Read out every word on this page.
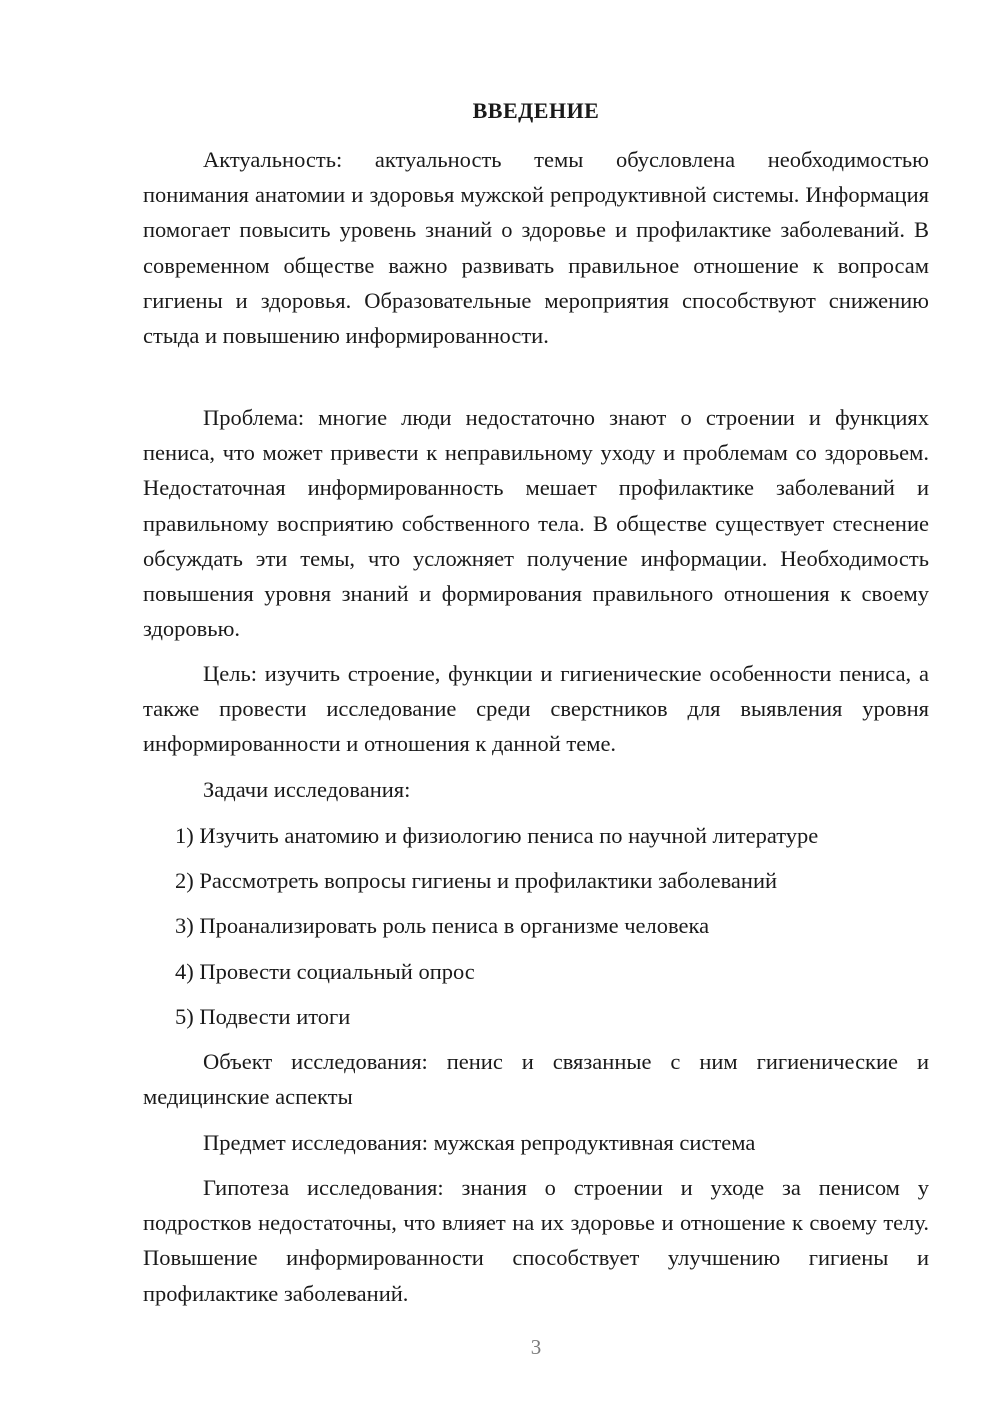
ВВЕДЕНИЕ

Актуальность: актуальность темы обусловлена необходимостью понимания анатомии и здоровья мужской репродуктивной системы. Информация помогает повысить уровень знаний о здоровье и профилактике заболеваний. В современном обществе важно развивать правильное отношение к вопросам гигиены и здоровья. Образовательные мероприятия способствуют снижению стыда и повышению информированности.

Проблема: многие люди недостаточно знают о строении и функциях пениса, что может привести к неправильному уходу и проблемам со здоровьем. Недостаточная информированность мешает профилактике заболеваний и правильному восприятию собственного тела. В обществе существует стеснение обсуждать эти темы, что усложняет получение информации. Необходимость повышения уровня знаний и формирования правильного отношения к своему здоровью.

Цель: изучить строение, функции и гигиенические особенности пениса, а также провести исследование среди сверстников для выявления уровня информированности и отношения к данной теме.

Задачи исследования:

1) Изучить анатомию и физиологию пениса по научной литературе

2) Рассмотреть вопросы гигиены и профилактики заболеваний

3) Проанализировать роль пениса в организме человека

4) Провести социальный опрос

5) Подвести итоги

Объект исследования: пенис и связанные с ним гигиенические и медицинские аспекты

Предмет исследования: мужская репродуктивная система

Гипотеза исследования: знания о строении и уходе за пенисом у подростков недостаточны, что влияет на их здоровье и отношение к своему телу. Повышение информированности способствует улучшению гигиены и профилактике заболеваний.

3
